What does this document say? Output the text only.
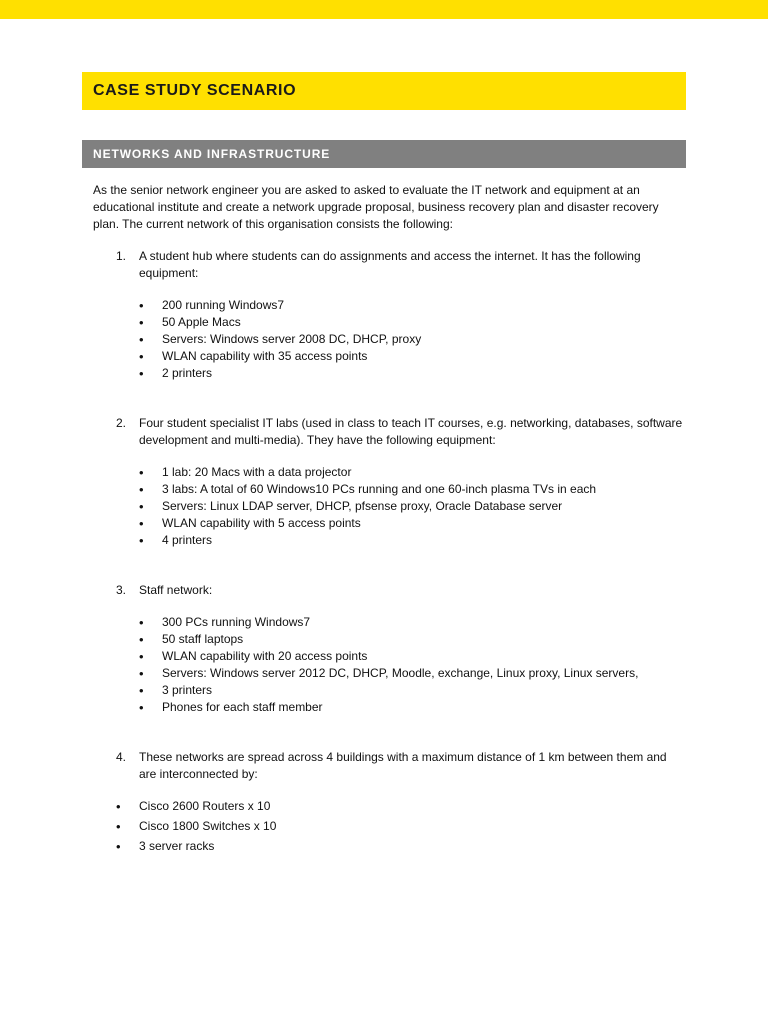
CASE STUDY SCENARIO
NETWORKS AND INFRASTRUCTURE

As the senior network engineer you are asked to asked to evaluate the IT network and equipment at an educational institute and create a network upgrade proposal, business recovery plan and disaster recovery plan. The current network of this organisation consists the following:

1. A student hub where students can do assignments and access the internet. It has the following equipment:

• 200 running Windows7
• 50 Apple Macs
• Servers: Windows server 2008 DC, DHCP, proxy
• WLAN capability with 35 access points
• 2 printers
2. Four student specialist IT labs (used in class to teach IT courses, e.g. networking, databases, software development and multi-media). They have the following equipment:

• 1 lab: 20 Macs with a data projector
• 3 labs: A total of 60 Windows10 PCs running and one 60-inch plasma TVs in each
• Servers: Linux LDAP server, DHCP, pfsense proxy, Oracle Database server
• WLAN capability with 5 access points
• 4 printers
3. Staff network:

• 300 PCs running Windows7
• 50 staff laptops
• WLAN capability with 20 access points
• Servers: Windows server 2012 DC, DHCP, Moodle, exchange, Linux proxy, Linux servers,
• 3 printers
• Phones for each staff member
4. These networks are spread across 4 buildings with a maximum distance of 1 km between them and are interconnected by:

• Cisco 2600 Routers x 10
• Cisco 1800 Switches x 10
• 3 server racks
